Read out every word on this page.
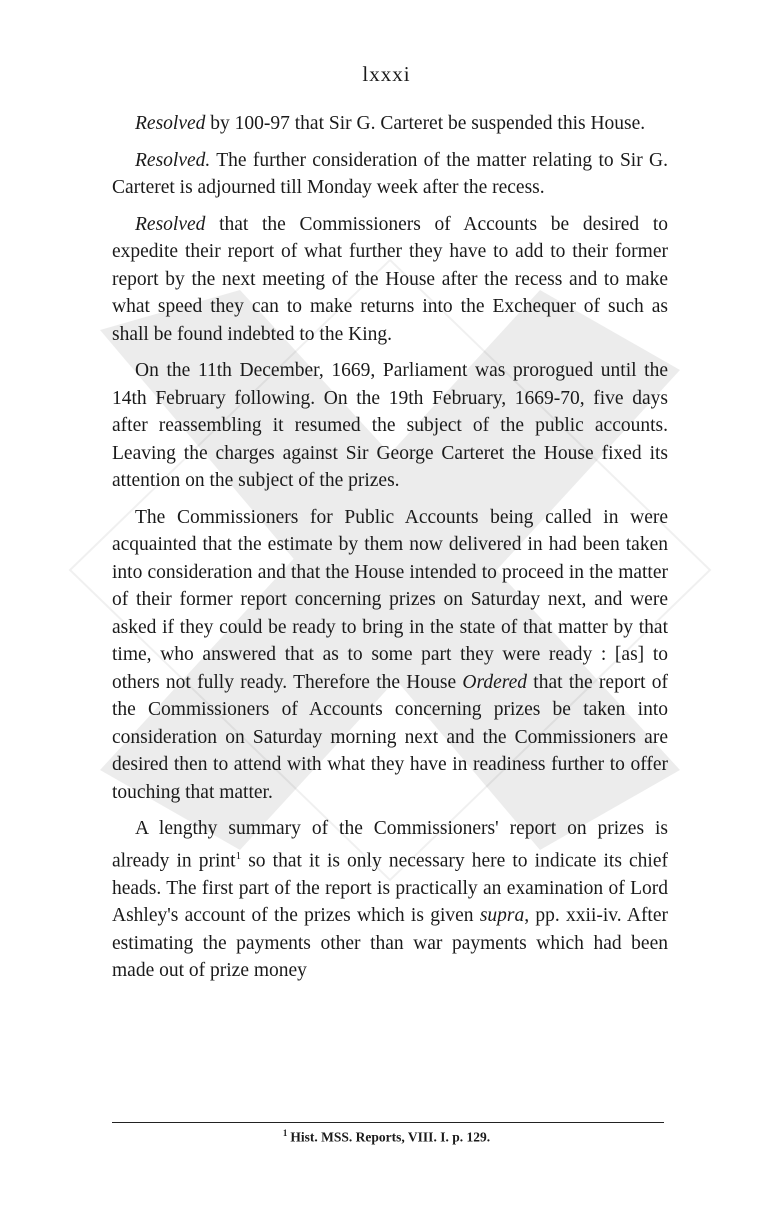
lxxxi

Resolved by 100-97 that Sir G. Carteret be suspended this House.

Resolved. The further consideration of the matter relating to Sir G. Carteret is adjourned till Monday week after the recess.

Resolved that the Commissioners of Accounts be desired to expedite their report of what further they have to add to their former report by the next meeting of the House after the recess and to make what speed they can to make returns into the Exchequer of such as shall be found indebted to the King.

On the 11th December, 1669, Parliament was prorogued until the 14th February following. On the 19th February, 1669-70, five days after reassembling it resumed the subject of the public accounts. Leaving the charges against Sir George Carteret the House fixed its attention on the subject of the prizes.

The Commissioners for Public Accounts being called in were acquainted that the estimate by them now delivered in had been taken into consideration and that the House intended to proceed in the matter of their former report concerning prizes on Saturday next, and were asked if they could be ready to bring in the state of that matter by that time, who answered that as to some part they were ready : [as] to others not fully ready. Therefore the House Ordered that the report of the Commissioners of Accounts concerning prizes be taken into consideration on Saturday morning next and the Commissioners are desired then to attend with what they have in readiness further to offer touching that matter.

A lengthy summary of the Commissioners' report on prizes is already in print$^1$ so that it is only necessary here to indicate its chief heads. The first part of the report is practically an examination of Lord Ashley's account of the prizes which is given supra, pp. xxii-iv. After estimating the payments other than war payments which had been made out of prize money

$^1$ Hist. MSS. Reports, VIII. I. p. 129.
